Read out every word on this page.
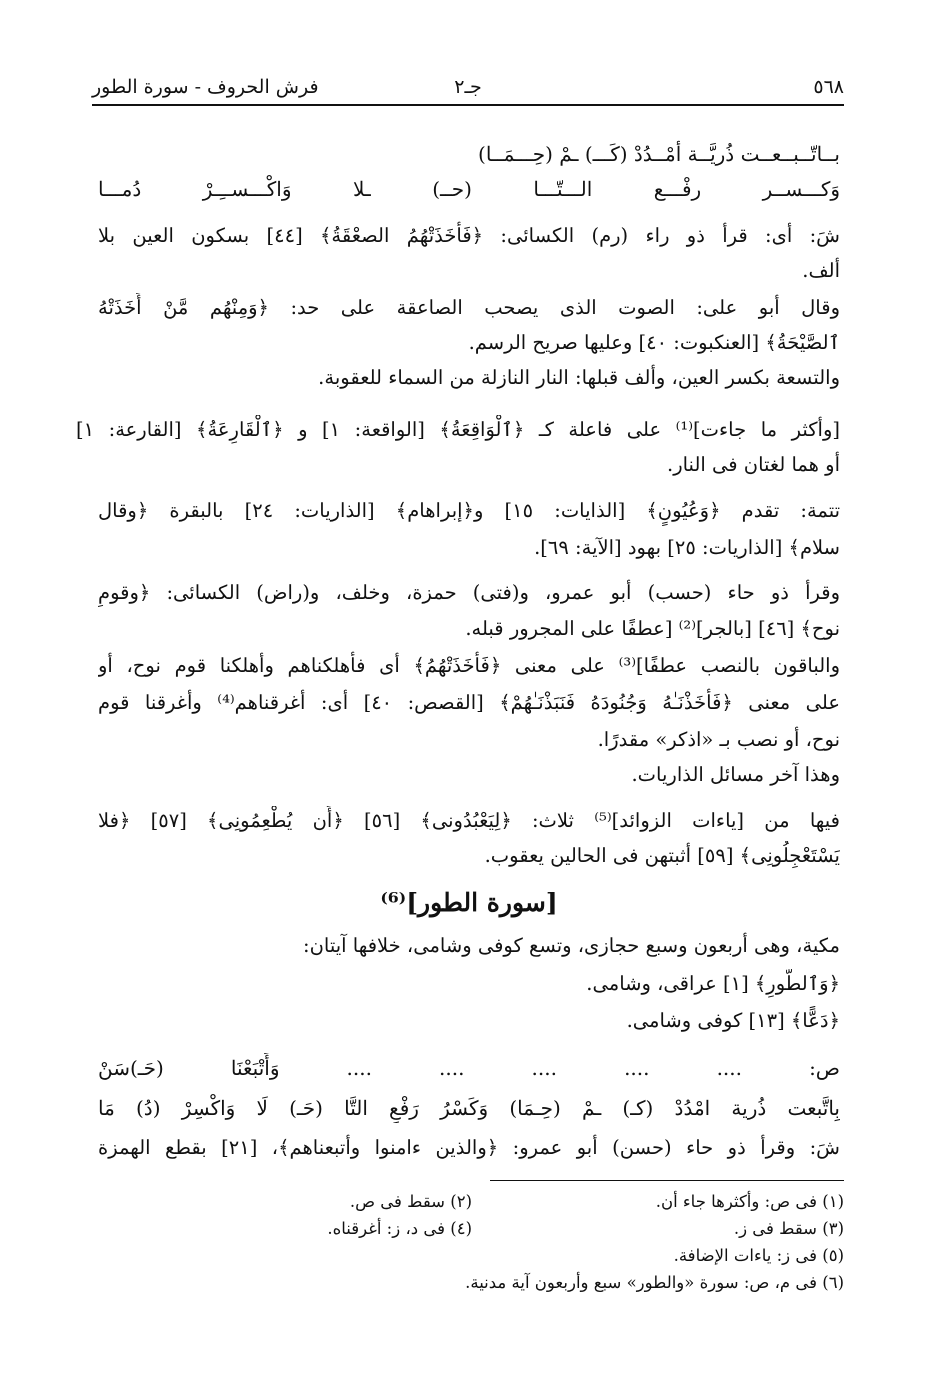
٥٦٨
جـ٢
فرش الحروف - سورة الطور
بــاتّــبــعــت ذُريَّــة أمْــدُدْ (كَـــ) ـمْ (حِـــمَــا)
وَكـــســر رفْـــع الـــتّـــا (حــ) ـلا وَاكْـــســِـرْ دُمـــا
شَ: أى: قرأ ذو راء (رم) الكسائى: ﴿فَأَخَذَتْهُمُ الصعْقَةُ﴾ [٤٤] بسكون العين بلا
ألف.
وقال أبو على: الصوت الذى يصحب الصاعقة على حد: ﴿وَمِنْهُم مَّنْ أَخَذَتْهُ
ٱلصَّيْحَةُ﴾ [العنكبوت: ٤٠] وعليها صريح الرسم.
والتسعة بكسر العين، وألف قبلها: النار النازلة من السماء للعقوبة.
[وأكثر ما جاءت]⁽¹⁾ على فاعلة كـ ﴿ٱلْوَاقِعَةُ﴾ [الواقعة: ١] و ﴿ٱلْقَارِعَةُ﴾ [القارعة: ١]
أو هما لغتان فى النار.
تتمة: تقدم ﴿وَعُيُونٍ﴾ [الذايات: ١٥] و﴿إبراهام﴾ [الذاريات: ٢٤] بالبقرة ﴿وقال
سلام﴾ [الذاريات: ٢٥] بهود [الآية: ٦٩].
وقرأ ذو حاء (حسب) أبو عمرو، و(فتى) حمزة، وخلف، و(راض) الكسائى: ﴿وقومِ
نوح﴾ [٤٦] [بالجر]⁽²⁾ [عطفًا على المجرور قبله.
والباقون بالنصب عطفًا]⁽³⁾ على معنى ﴿فَأَخَذَتْهُمُ﴾ أى فأهلكناهم وأهلكنا قوم نوح، أو
على معنى ﴿فَأَخَذْنَـٰهُ وَجُنُودَهُ فَنَبَذْنَـٰهُمْ﴾ [القصص: ٤٠] أى: أغرقناهم⁽⁴⁾ وأغرقنا قوم
نوح، أو نصب بـ «اذكر» مقدرًا.
وهذا آخر مسائل الذاريات.
فيها من [ياءات الزوائد]⁽⁵⁾ ثلاث: ﴿لِيَعْبُدُونى﴾ [٥٦] ﴿أَن يُطْعِمُونِى﴾ [٥٧] ﴿فلا
يَسْتَعْجِلُونِى﴾ [٥٩] أثبتهن فى الحالين يعقوب.
[سورة الطور]⁽⁶⁾
مكية، وهى أربعون وسبع حجازى، وتسع كوفى وشامى، خلافها آيتان:
﴿وَٱلطُّورِ﴾ [١] عراقى، وشامى.
﴿دَعًّا﴾ [١٣] كوفى وشامى.
ص: .... .... .... .... .... وَأَتْبَعْنَا (حَـ)سَنْ
بِاتَّبعت ذُرية امْدُدْ (كـ) ـمْ (حِـمَا) وَكَسْرُ رَفْعِ التَّا (حَـ) لَا وَاكْسِرْ (دُ) مَا
شَ: وقرأ ذو حاء (حسن) أبو عمرو: ﴿والذين ءامنوا وأتبعناهم﴾، [٢١] بقطع الهمزة
(١) فى ص: وأكثرها جاء أن.
(٢) سقط فى ص.
(٣) سقط فى ز.
(٤) فى د، ز: أغرقناه.
(٥) فى ز: ياءات الإضافة.
(٦) فى م، ص: سورة «والطور» سبع وأربعون آية مدنية.
